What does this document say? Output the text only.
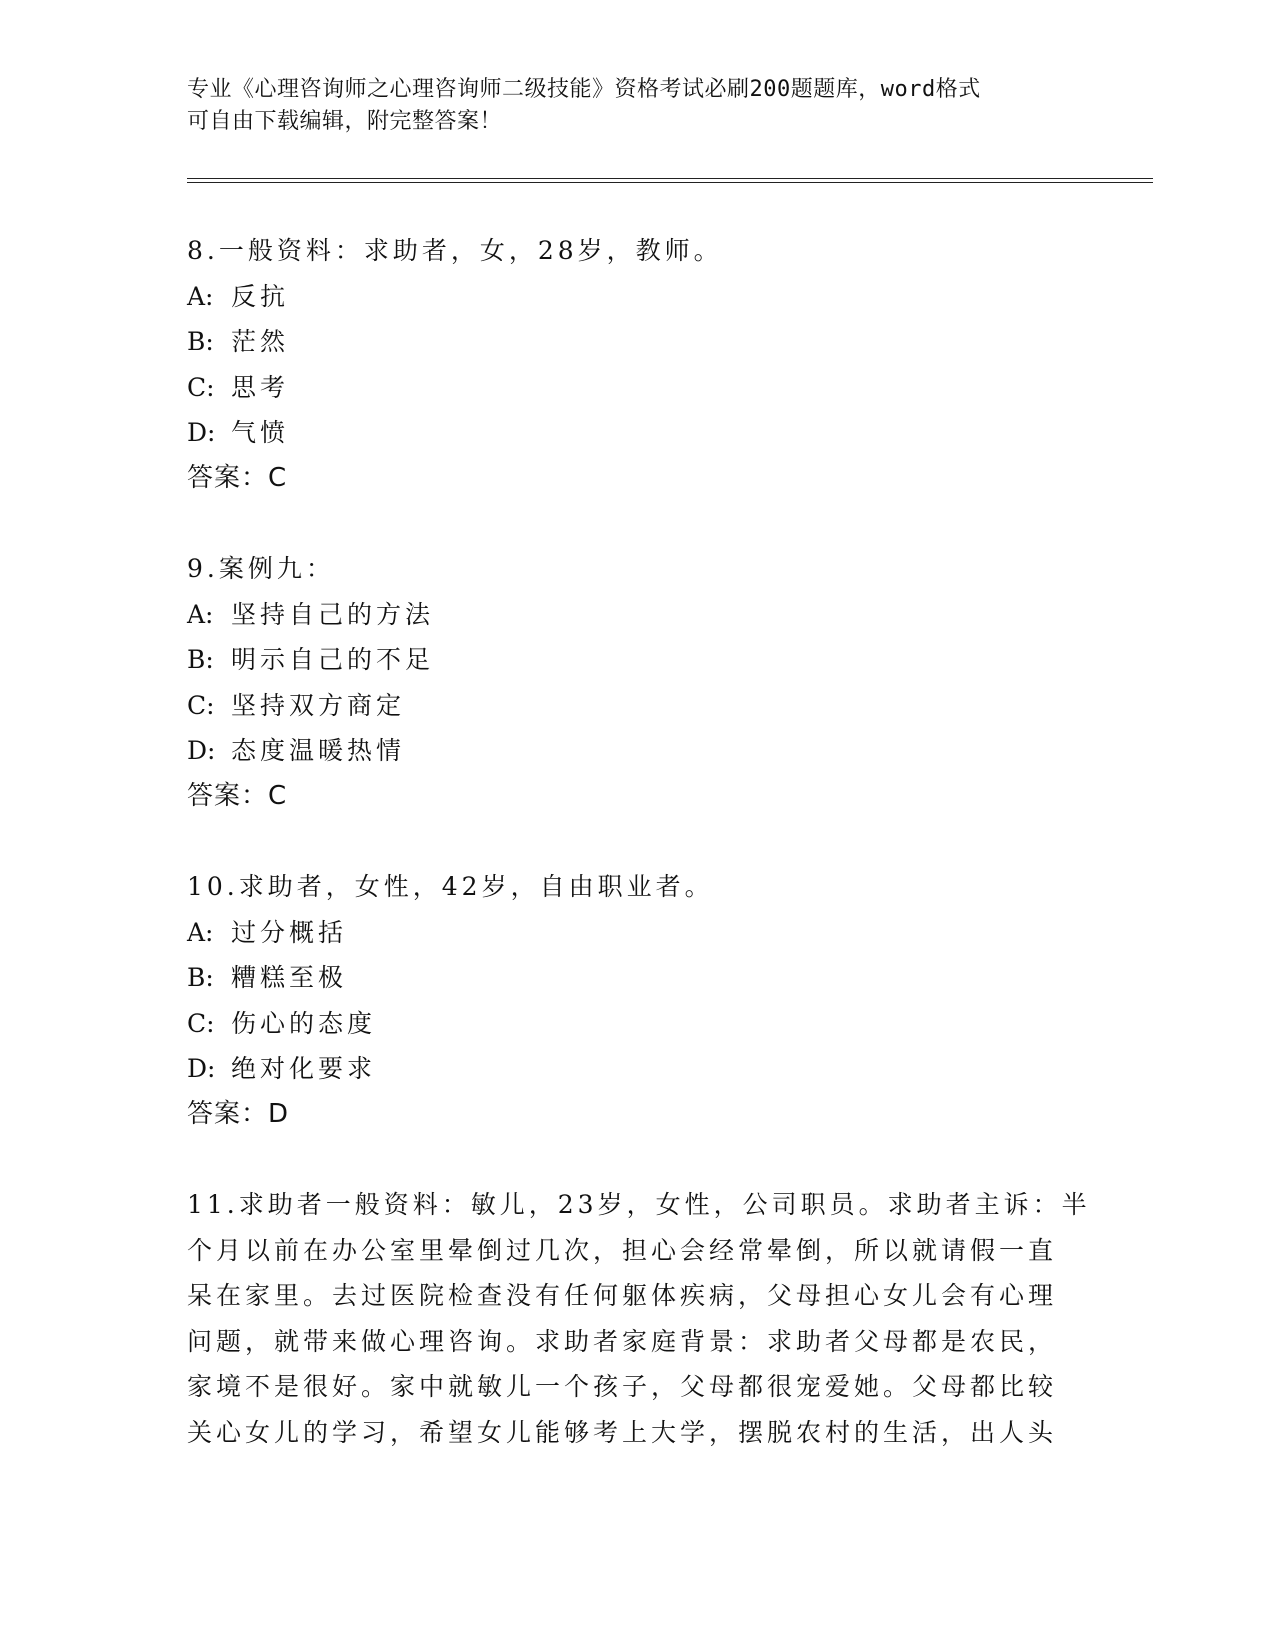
专业《心理咨询师之心理咨询师二级技能》资格考试必刷200题题库，word格式
可自由下载编辑，附完整答案！
8.一般资料：求助者，女，28岁，教师。
A: 反抗
B: 茫然
C: 思考
D: 气愤
答案：C
9.案例九：
A: 坚持自己的方法
B: 明示自己的不足
C: 坚持双方商定
D: 态度温暖热情
答案：C
10.求助者，女性，42岁，自由职业者。
A: 过分概括
B: 糟糕至极
C: 伤心的态度
D: 绝对化要求
答案：D
11.求助者一般资料：敏儿，23岁，女性，公司职员。求助者主诉：半
个月以前在办公室里晕倒过几次，担心会经常晕倒，所以就请假一直
呆在家里。去过医院检查没有任何躯体疾病，父母担心女儿会有心理
问题，就带来做心理咨询。求助者家庭背景：求助者父母都是农民，
家境不是很好。家中就敏儿一个孩子，父母都很宠爱她。父母都比较
关心女儿的学习，希望女儿能够考上大学，摆脱农村的生活，出人头
